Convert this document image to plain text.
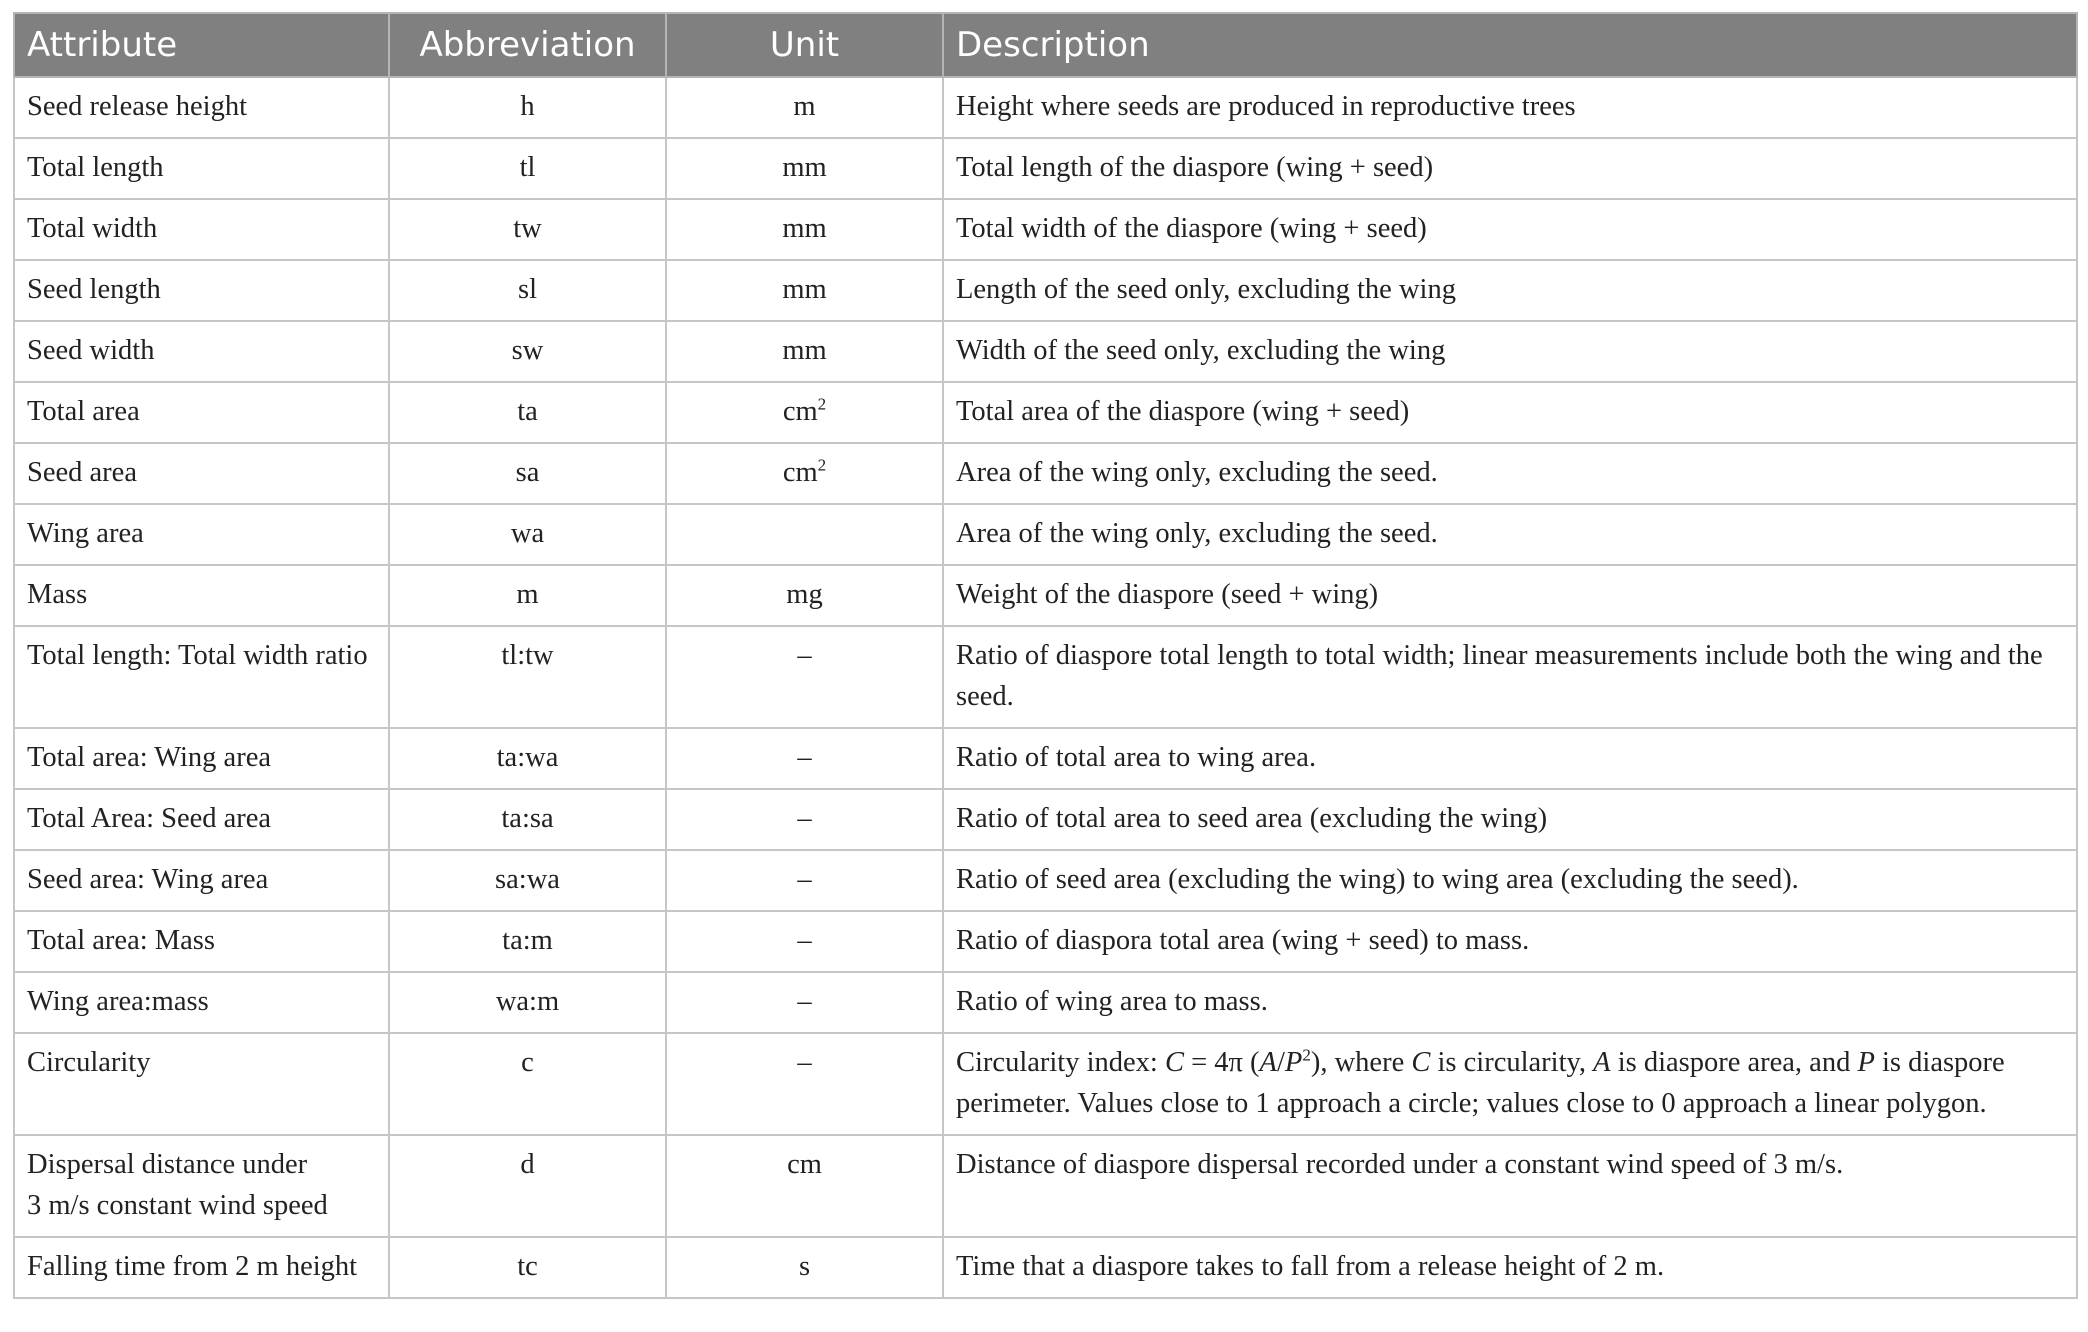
Attribute	Abbreviation	Unit	Description
Seed release height	h	m	Height where seeds are produced in reproductive trees
Total length	tl	mm	Total length of the diaspore (wing + seed)
Total width	tw	mm	Total width of the diaspore (wing + seed)
Seed length	sl	mm	Length of the seed only, excluding the wing
Seed width	sw	mm	Width of the seed only, excluding the wing
Total area	ta	$cm^2$	Total area of the diaspore (wing + seed)
Seed area	sa	$cm^2$	Area of the wing only, excluding the seed.
Wing area	wa		Area of the wing only, excluding the seed.
Mass	m	mg	Weight of the diaspore (seed + wing)
Total length: Total width ratio	tl:tw	–	Ratio of diaspore total length to total width; linear measurements include both the wing and the seed.
Total area: Wing area	ta:wa	–	Ratio of total area to wing area.
Total Area: Seed area	ta:sa	–	Ratio of total area to seed area (excluding the wing)
Seed area: Wing area	sa:wa	–	Ratio of seed area (excluding the wing) to wing area (excluding the seed).
Total area: Mass	ta:m	–	Ratio of diaspora total area (wing + seed) to mass.
Wing area:mass	wa:m	–	Ratio of wing area to mass.
Circularity	c	–	Circularity index: C = 4π $(A/P^2)$, where C is circularity, A is diaspore area, and P is diaspore perimeter. Values close to 1 approach a circle; values close to 0 approach a linear polygon.
Dispersal distance under
3 m/s constant wind speed	d	cm	Distance of diaspore dispersal recorded under a constant wind speed of 3 m/s.
Falling time from 2 m height	tc	s	Time that a diaspore takes to fall from a release height of 2 m.
